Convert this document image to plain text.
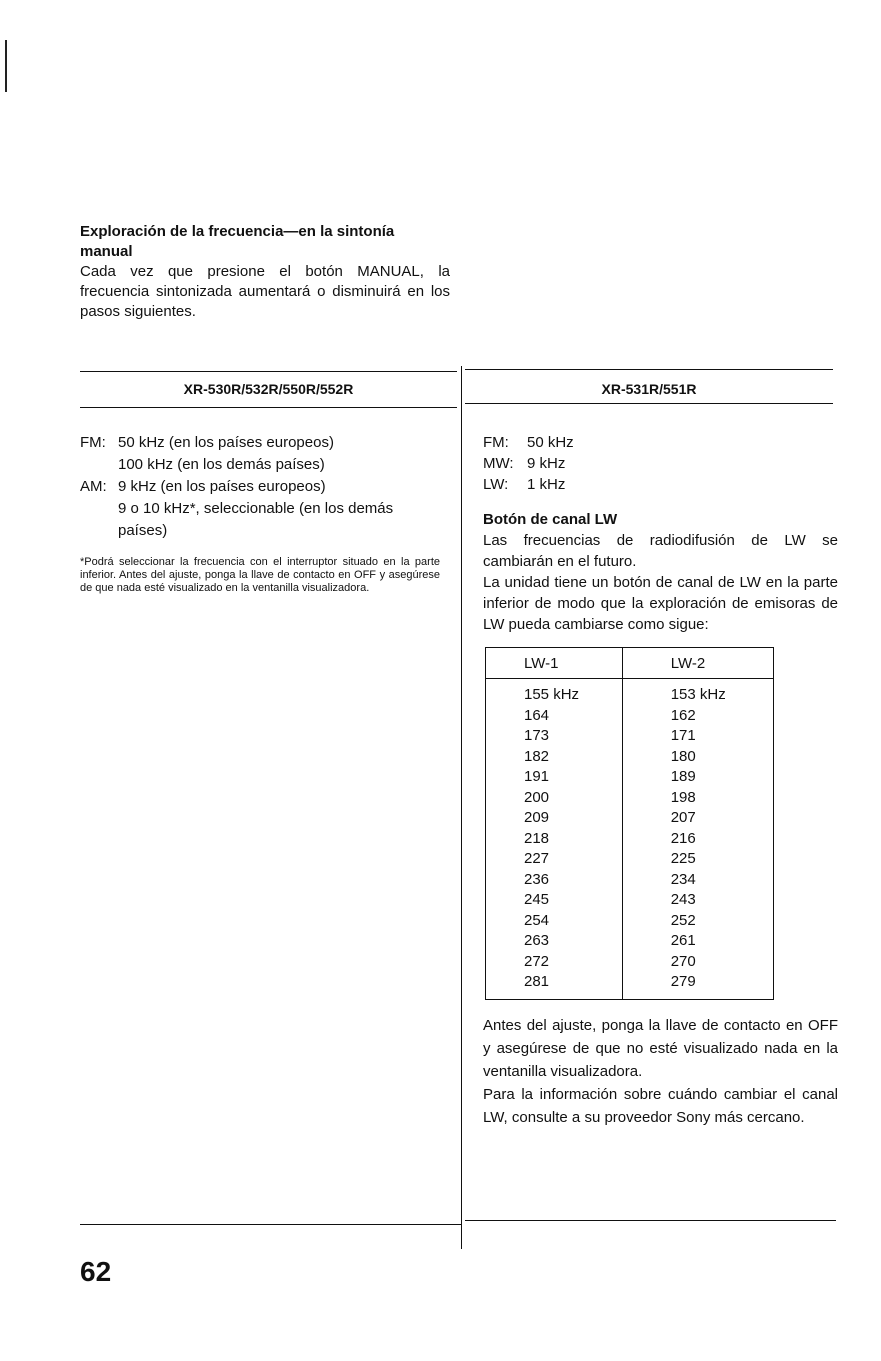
Exploración de la frecuencia—en la sintonía manual

Cada vez que presione el botón MANUAL, la frecuencia sintonizada aumentará o disminuirá en los pasos siguientes.

XR-530R/532R/550R/552R	XR-531R/551R
FM: 50 kHz (en los países europeos)
100 kHz (en los demás países)
AM: 9 kHz (en los países europeos)
9 o 10 kHz*, seleccionable (en los demás países)
*Podrá seleccionar la frecuencia con el interruptor situado en la parte inferior. Antes del ajuste, ponga la llave de contacto en OFF y asegúrese de que nada esté visualizado en la ventanilla visualizadora.
FM:	50 kHz
MW: 9 kHz
LW:	1 kHz
Botón de canal LW
Las frecuencias de radiodifusión de LW se cambiarán en el futuro.
La unidad tiene un botón de canal de LW en la parte inferior de modo que la exploración de emisoras de LW pueda cambiarse como sigue:
LW-1	LW-2
155 kHz	153 kHz
164	162
173	171
182	180
191	189
200	198
209	207
218	216
227	225
236	234
245	243
254	252
263	261
272	270
281	279
Antes del ajuste, ponga la llave de contacto en OFF y asegúrese de que no esté visualizado nada en la ventanilla visualizadora.
Para la información sobre cuándo cambiar el canal LW, consulte a su proveedor Sony más cercano.
62
